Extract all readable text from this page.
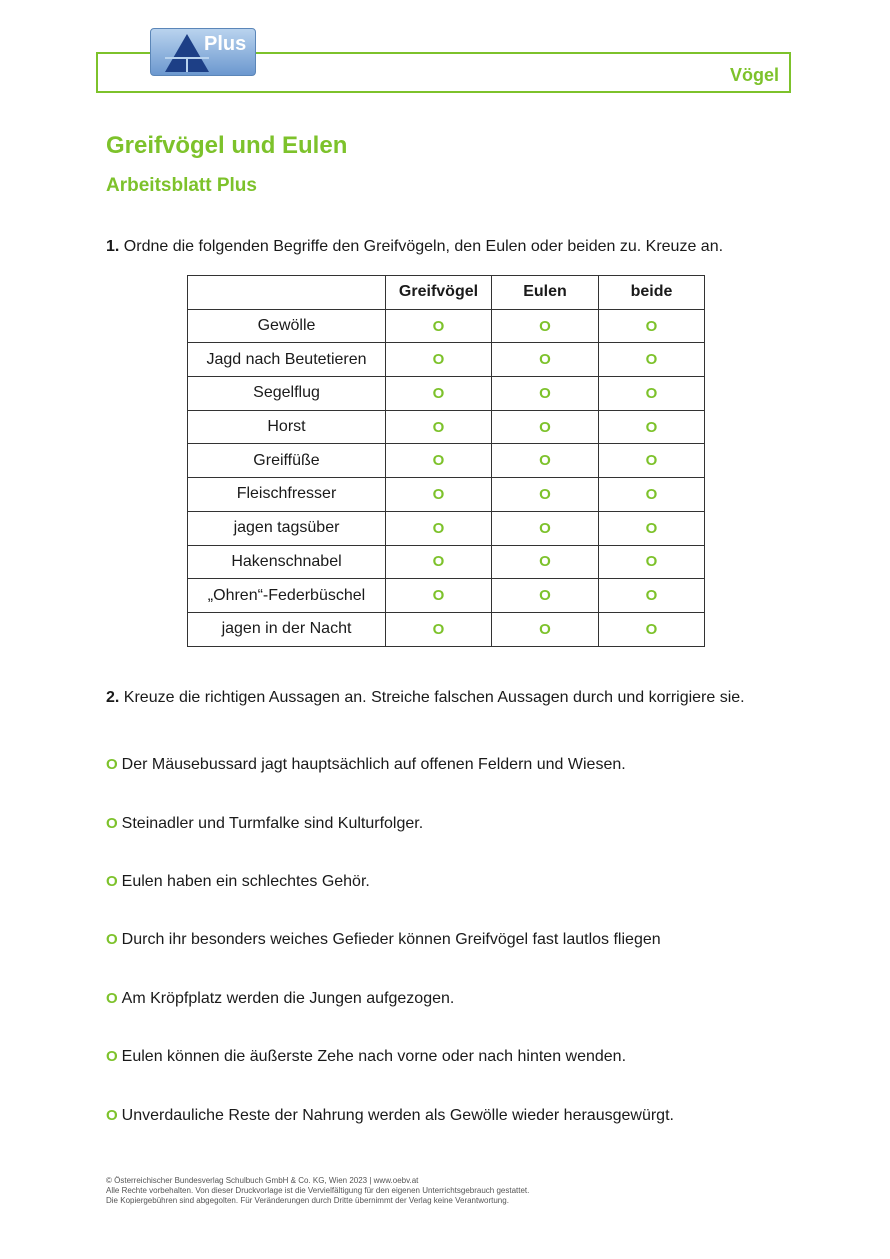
Vögel
Plus
Greifvögel und Eulen
Arbeitsblatt Plus

1. Ordne die folgenden Begriffe den Greifvögeln, den Eulen oder beiden zu. Kreuze an.

	Greifvögel	Eulen	beide
Gewölle	O	O	O
Jagd nach Beutetieren	O	O	O
Segelflug	O	O	O
Horst	O	O	O
Greiffüße	O	O	O
Fleischfresser	O	O	O
jagen tagsüber	O	O	O
Hakenschnabel	O	O	O
„Ohren“-Federbüschel	O	O	O
jagen in der Nacht	O	O	O

2. Kreuze die richtigen Aussagen an. Streiche falschen Aussagen durch und korrigiere sie.

O Der Mäusebussard jagt hauptsächlich auf offenen Feldern und Wiesen.
O Steinadler und Turmfalke sind Kulturfolger.
O Eulen haben ein schlechtes Gehör.
O Durch ihr besonders weiches Gefieder können Greifvögel fast lautlos fliegen
O Am Kröpfplatz werden die Jungen aufgezogen.
O Eulen können die äußerste Zehe nach vorne oder nach hinten wenden.
O Unverdauliche Reste der Nahrung werden als Gewölle wieder herausgewürgt.
© Österreichischer Bundesverlag Schulbuch GmbH & Co. KG, Wien 2023 | www.oebv.at
Alle Rechte vorbehalten. Von dieser Druckvorlage ist die Vervielfältigung für den eigenen Unterrichtsgebrauch gestattet.
Die Kopiergebühren sind abgegolten. Für Veränderungen durch Dritte übernimmt der Verlag keine Verantwortung.
